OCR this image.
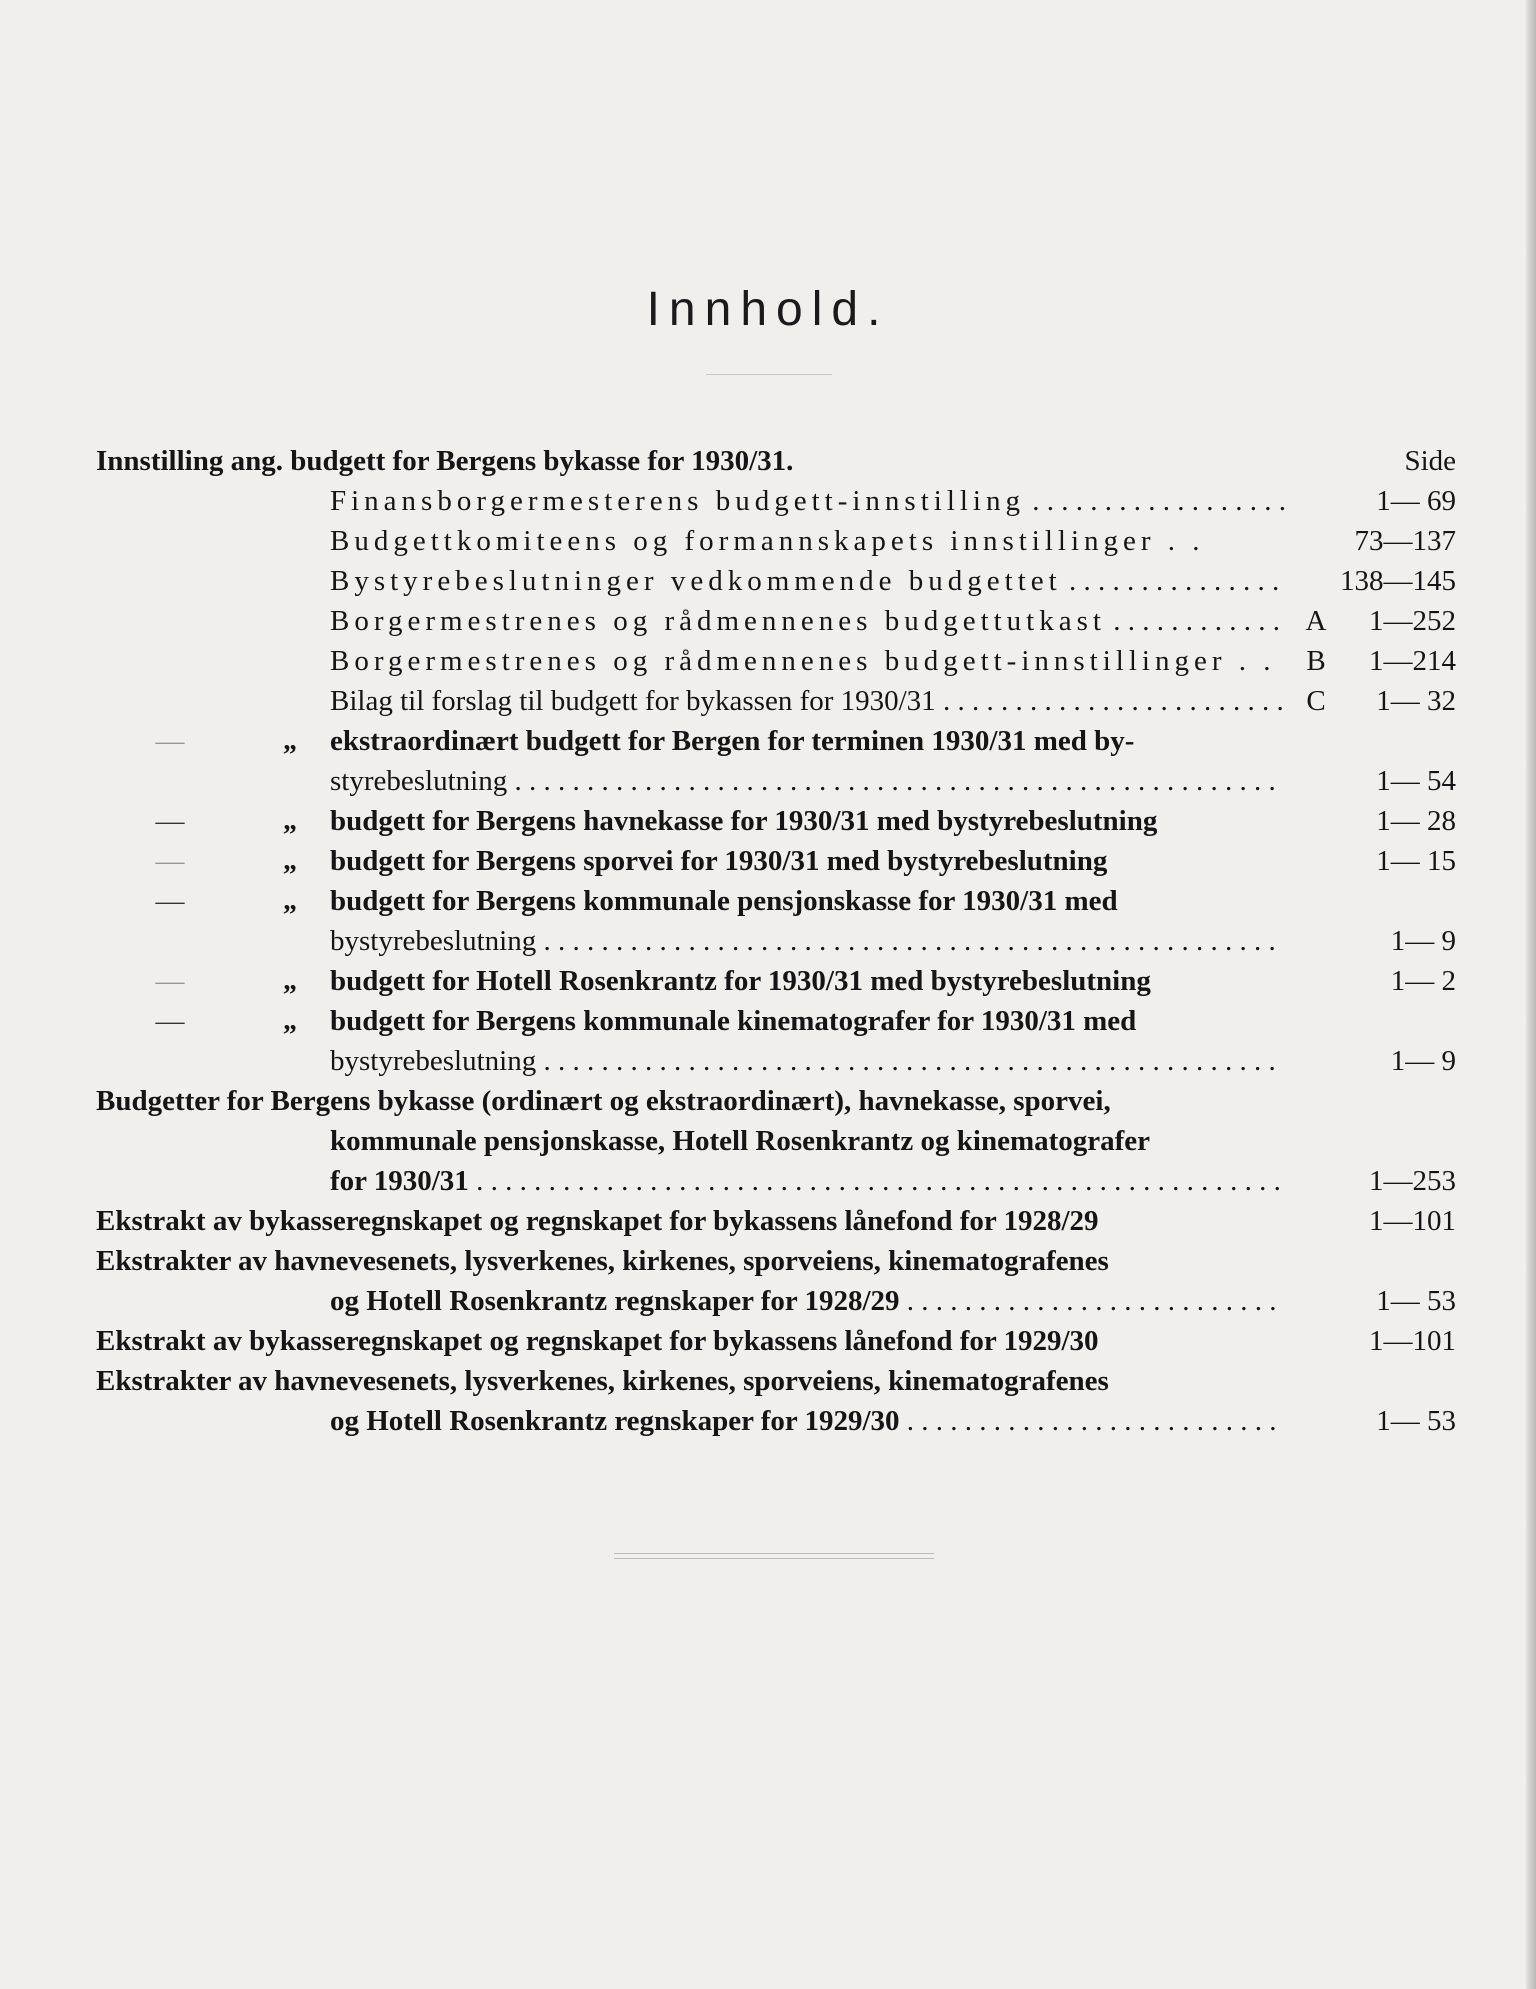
Innhold.
Innstilling ang. budgett for Bergens bykasse for 1930/31.	Side
Finansborgermesterens budgett-innstilling . . .	1— 69
Budgettkomiteens og formannskapets innstillinger . .	73—137
Bystyrebeslutninger vedkommende budgettet . . .	138—145
Borgermestrenes og rådmennenes budgettutkast . . .	A	1—252
Borgermestrenes og rådmennenes budgett-innstillinger . .	B	1—214
Bilag til forslag til budgett for bykassen for 1930/31 . . .	C	1— 32
—	„	ekstraordinært budgett for Bergen for terminen 1930/31 med by-
styrebeslutning . . .	1— 54
—	„	budgett for Bergens havnekasse for 1930/31 med bystyrebeslutning	1— 28
—	„	budgett for Bergens sporvei for 1930/31 med bystyrebeslutning	1— 15
—	„	budgett for Bergens kommunale pensjonskasse for 1930/31 med
bystyrebeslutning . . .	1— 9
—	„	budgett for Hotell Rosenkrantz for 1930/31 med bystyrebeslutning	1— 2
—	„	budgett for Bergens kommunale kinematografer for 1930/31 med
bystyrebeslutning . . .	1— 9
Budgetter for Bergens bykasse (ordinært og ekstraordinært), havnekasse, sporvei,
kommunale pensjonskasse, Hotell Rosenkrantz og kinematografer
for 1930/31 . . .	1—253
Ekstrakt av bykasseregnskapet og regnskapet for bykassens lånefond for 1928/29	1—101
Ekstrakter av havnevesenets, lysverkenes, kirkenes, sporveiens, kinematografenes
og Hotell Rosenkrantz regnskaper for 1928/29 . . .	1— 53
Ekstrakt av bykasseregnskapet og regnskapet for bykassens lånefond for 1929/30	1—101
Ekstrakter av havnevesenets, lysverkenes, kirkenes, sporveiens, kinematografenes
og Hotell Rosenkrantz regnskaper for 1929/30 . . .	1— 53
